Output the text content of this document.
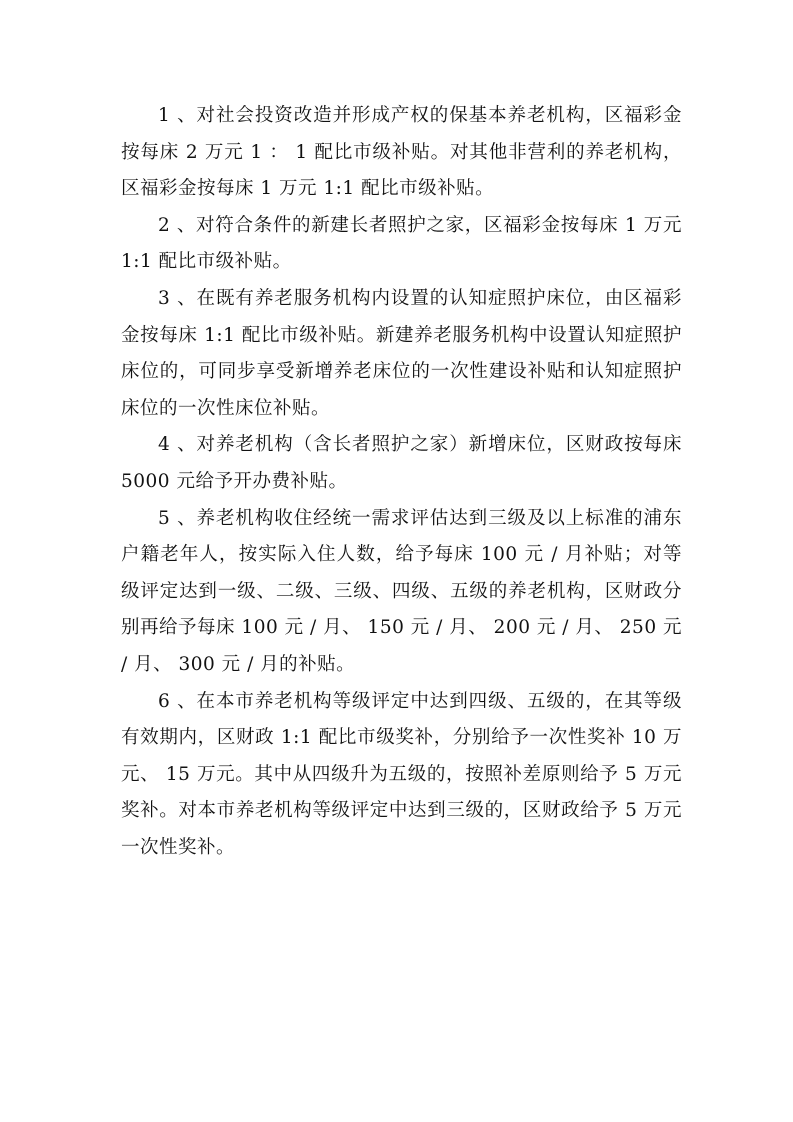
1 、对社会投资改造并形成产权的保基本养老机构，区福彩金按每床 2 万元 1 ： 1 配比市级补贴。对其他非营利的养老机构，区福彩金按每床 1 万元 1:1 配比市级补贴。

2 、对符合条件的新建长者照护之家，区福彩金按每床 1 万元 1:1 配比市级补贴。

3 、在既有养老服务机构内设置的认知症照护床位，由区福彩金按每床 1:1 配比市级补贴。新建养老服务机构中设置认知症照护床位的，可同步享受新增养老床位的一次性建设补贴和认知症照护床位的一次性床位补贴。

4 、对养老机构（含长者照护之家）新增床位，区财政按每床 5000 元给予开办费补贴。

5 、养老机构收住经统一需求评估达到三级及以上标准的浦东户籍老年人，按实际入住人数，给予每床 100 元 / 月补贴；对等级评定达到一级、二级、三级、四级、五级的养老机构，区财政分别再给予每床 100 元 / 月、 150 元 / 月、 200 元 / 月、 250 元 / 月、 300 元 / 月的补贴。

6 、在本市养老机构等级评定中达到四级、五级的，在其等级有效期内，区财政 1:1 配比市级奖补，分别给予一次性奖补 10 万元、 15 万元。其中从四级升为五级的，按照补差原则给予 5 万元奖补。对本市养老机构等级评定中达到三级的，区财政给予 5 万元一次性奖补。
